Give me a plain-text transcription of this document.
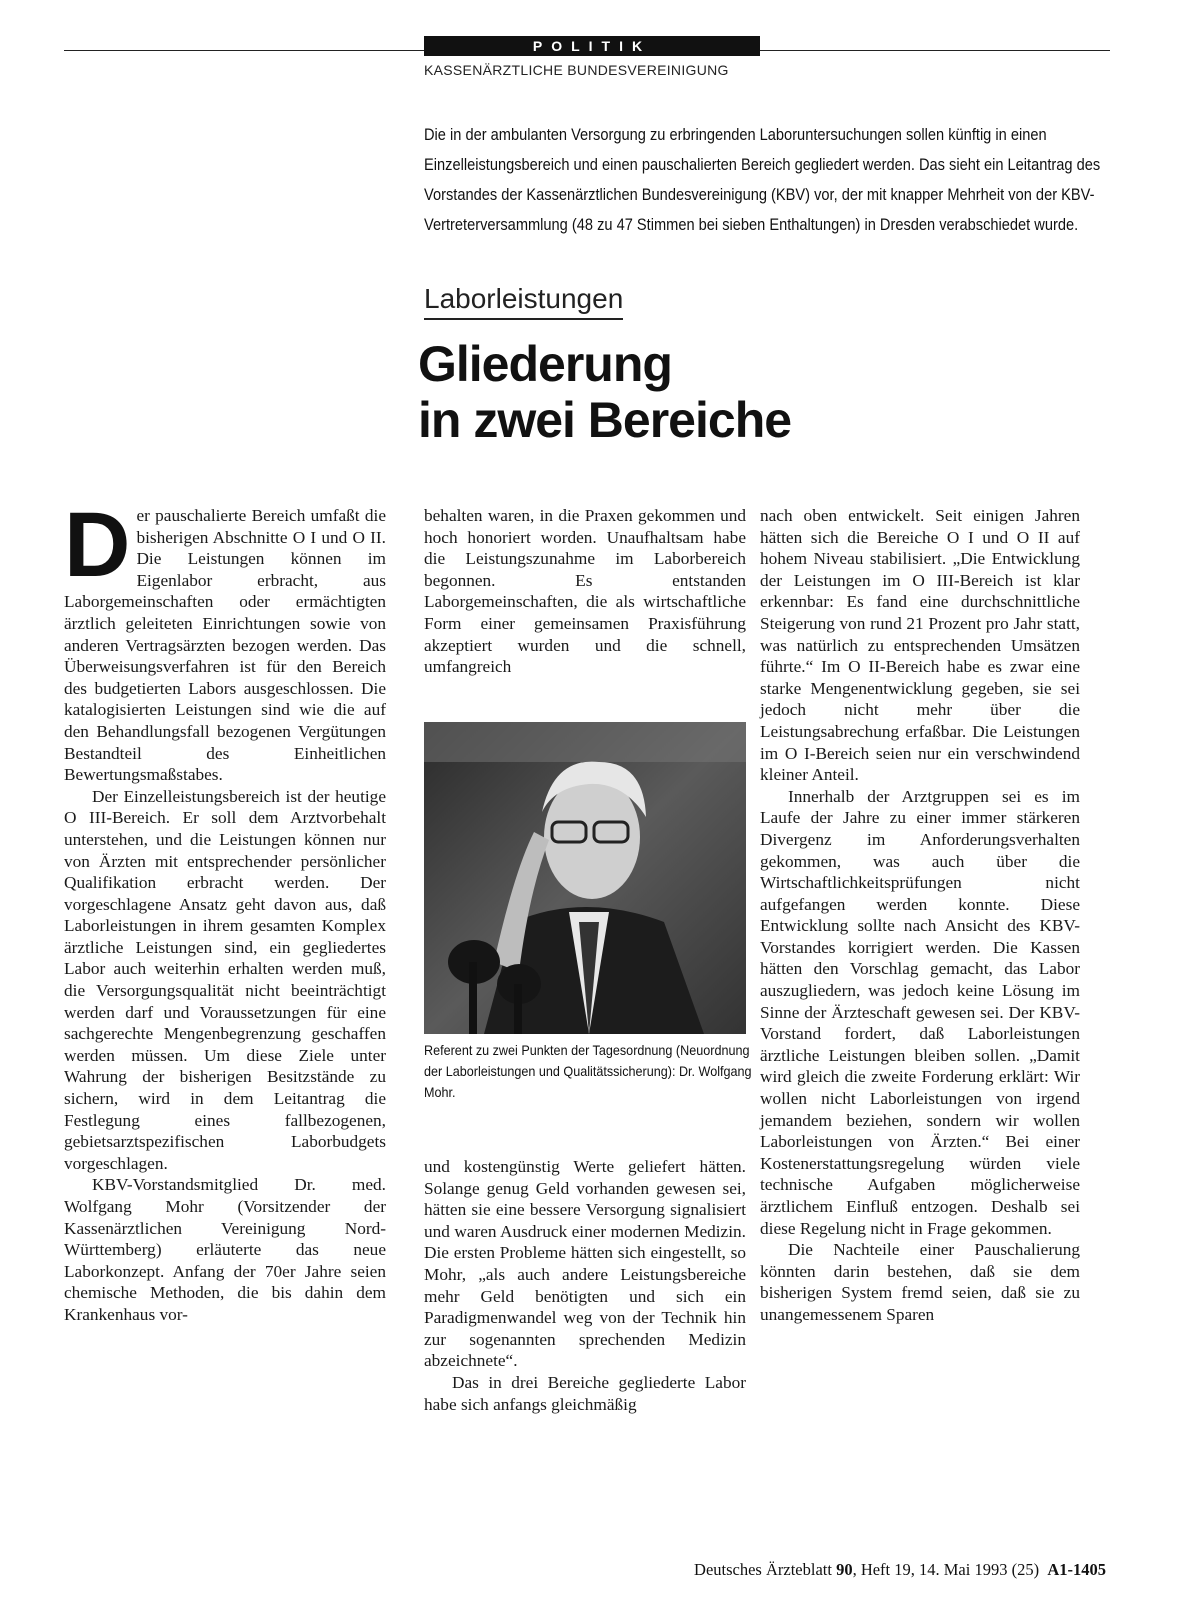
POLITIK
KASSENÄRZTLICHE BUNDESVEREINIGUNG

Die in der ambulanten Versorgung zu erbringenden Laboruntersuchungen sollen künftig in einen Einzelleistungsbereich und einen pauschalierten Bereich gegliedert werden. Das sieht ein Leitantrag des Vorstandes der Kassenärztlichen Bundesvereinigung (KBV) vor, der mit knapper Mehrheit von der KBV-Vertreterversammlung (48 zu 47 Stimmen bei sieben Enthaltungen) in Dresden verabschiedet wurde.

Laborleistungen
Gliederung
in zwei Bereiche

Der pauschalierte Bereich umfaßt die bisherigen Abschnitte O I und O II. Die Leistungen können im Eigenlabor erbracht, aus Laborgemeinschaften oder ermächtigten ärztlich geleiteten Einrichtungen sowie von anderen Vertragsärzten bezogen werden. Das Überweisungsverfahren ist für den Bereich des budgetierten Labors ausgeschlossen. Die katalogisierten Leistungen sind wie die auf den Behandlungsfall bezogenen Vergütungen Bestandteil des Einheitlichen Bewertungsmaßstabes.

Der Einzelleistungsbereich ist der heutige O III-Bereich. Er soll dem Arztvorbehalt unterstehen, und die Leistungen können nur von Ärzten mit entsprechender persönlicher Qualifikation erbracht werden. Der vorgeschlagene Ansatz geht davon aus, daß Laborleistungen in ihrem gesamten Komplex ärztliche Leistungen sind, ein gegliedertes Labor auch weiterhin erhalten werden muß, die Versorgungsqualität nicht beeinträchtigt werden darf und Voraussetzungen für eine sachgerechte Mengenbegrenzung geschaffen werden müssen. Um diese Ziele unter Wahrung der bisherigen Besitzstände zu sichern, wird in dem Leitantrag die Festlegung eines fallbezogenen, gebietsarztspezifischen Laborbudgets vorgeschlagen.

KBV-Vorstandsmitglied Dr. med. Wolfgang Mohr (Vorsitzender der Kassenärztlichen Vereinigung Nord-Württemberg) erläuterte das neue Laborkonzept. Anfang der 70er Jahre seien chemische Methoden, die bis dahin dem Krankenhaus vor-

behalten waren, in die Praxen gekommen und hoch honoriert worden. Unaufhaltsam habe die Leistungszunahme im Laborbereich begonnen. Es entstanden Laborgemeinschaften, die als wirtschaftliche Form einer gemeinsamen Praxisführung akzeptiert wurden und die schnell, umfangreich

Referent zu zwei Punkten der Tagesordnung (Neuordnung der Laborleistungen und Qualitätssicherung): Dr. Wolfgang Mohr.

und kostengünstig Werte geliefert hätten. Solange genug Geld vorhanden gewesen sei, hätten sie eine bessere Versorgung signalisiert und waren Ausdruck einer modernen Medizin. Die ersten Probleme hätten sich eingestellt, so Mohr, „als auch andere Leistungsbereiche mehr Geld benötigten und sich ein Paradigmenwandel weg von der Technik hin zur sogenannten sprechenden Medizin abzeichnete“.

Das in drei Bereiche gegliederte Labor habe sich anfangs gleichmäßig

nach oben entwickelt. Seit einigen Jahren hätten sich die Bereiche O I und O II auf hohem Niveau stabilisiert. „Die Entwicklung der Leistungen im O III-Bereich ist klar erkennbar: Es fand eine durchschnittliche Steigerung von rund 21 Prozent pro Jahr statt, was natürlich zu entsprechenden Umsätzen führte.“ Im O II-Bereich habe es zwar eine starke Mengenentwicklung gegeben, sie sei jedoch nicht mehr über die Leistungsabrechung erfaßbar. Die Leistungen im O I-Bereich seien nur ein verschwindend kleiner Anteil.

Innerhalb der Arztgruppen sei es im Laufe der Jahre zu einer immer stärkeren Divergenz im Anforderungsverhalten gekommen, was auch über die Wirtschaftlichkeitsprüfungen nicht aufgefangen werden konnte. Diese Entwicklung sollte nach Ansicht des KBV-Vorstandes korrigiert werden. Die Kassen hätten den Vorschlag gemacht, das Labor auszugliedern, was jedoch keine Lösung im Sinne der Ärzteschaft gewesen sei. Der KBV-Vorstand fordert, daß Laborleistungen ärztliche Leistungen bleiben sollen. „Damit wird gleich die zweite Forderung erklärt: Wir wollen nicht Laborleistungen von irgend jemandem beziehen, sondern wir wollen Laborleistungen von Ärzten.“ Bei einer Kostenerstattungsregelung würden viele technische Aufgaben möglicherweise ärztlichem Einfluß entzogen. Deshalb sei diese Regelung nicht in Frage gekommen.

Die Nachteile einer Pauschalierung könnten darin bestehen, daß sie dem bisherigen System fremd seien, daß sie zu unangemessenem Sparen

Deutsches Ärzteblatt 90, Heft 19, 14. Mai 1993 (25) A1-1405
